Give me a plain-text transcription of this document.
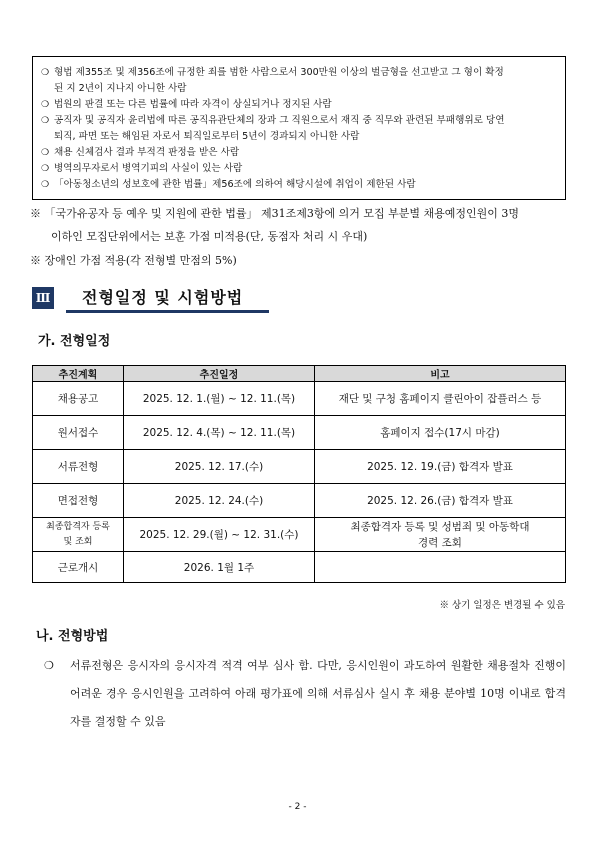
❍ 형법 제355조 및 제356조에 규정한 죄를 범한 사람으로서 300만원 이상의 벌금형을 선고받고 그 형이 확정
된 지 2년이 지나지 아니한 사람
❍ 법원의 판결 또는 다른 법률에 따라 자격이 상실되거나 정지된 사람
❍ 공직자 및 공직자 윤리법에 따른 공직유관단체의 장과 그 직원으로서 재직 중 직무와 관련된 부패행위로 당연
퇴직, 파면 또는 해임된 자로서 퇴직일로부터 5년이 경과되지 아니한 사람
❍ 채용 신체검사 결과 부적격 판정을 받은 사람
❍ 병역의무자로서 병역기피의 사실이 있는 사람
❍ 「아동청소년의 성보호에 관한 법률」제56조에 의하여 해당시설에 취업이 제한된 사람
※ 「국가유공자 등 예우 및 지원에 관한 법률」 제31조제3항에 의거 모집 부분별 채용예정인원이 3명
이하인 모집단위에서는 보훈 가점 미적용(단, 동점자 처리 시 우대)
※ 장애인 가점 적용(각 전형별 만점의 5%)
Ⅲ 전형일정 및 시험방법
가. 전형일정
추진계획	추진일정	비고
채용공고	2025. 12. 1.(월) ~ 12. 11.(목)	재단 및 구청 홈페이지 클린아이 잡플러스 등
원서접수	2025. 12. 4.(목) ~ 12. 11.(목)	홈페이지 접수(17시 마감)
서류전형	2025. 12. 17.(수)	2025. 12. 19.(금) 합격자 발표
면접전형	2025. 12. 24.(수)	2025. 12. 26.(금) 합격자 발표
최종합격자 등록
및 조회	2025. 12. 29.(월) ~ 12. 31.(수)	최종합격자 등록 및 성범죄 및 아동학대
경력 조회
근로개시	2026. 1월 1주	
※ 상기 일정은 변경될 수 있음
나. 전형방법
❍	서류전형은 응시자의 응시자격 적격 여부 심사 함. 다만, 응시인원이 과도하여 원활한 채용절차 진행이 어려운 경우 응시인원을 고려하여 아래 평가표에 의해 서류심사 실시 후 채용 분야별 10명 이내로 합격자를 결정할 수 있음
- 2 -
